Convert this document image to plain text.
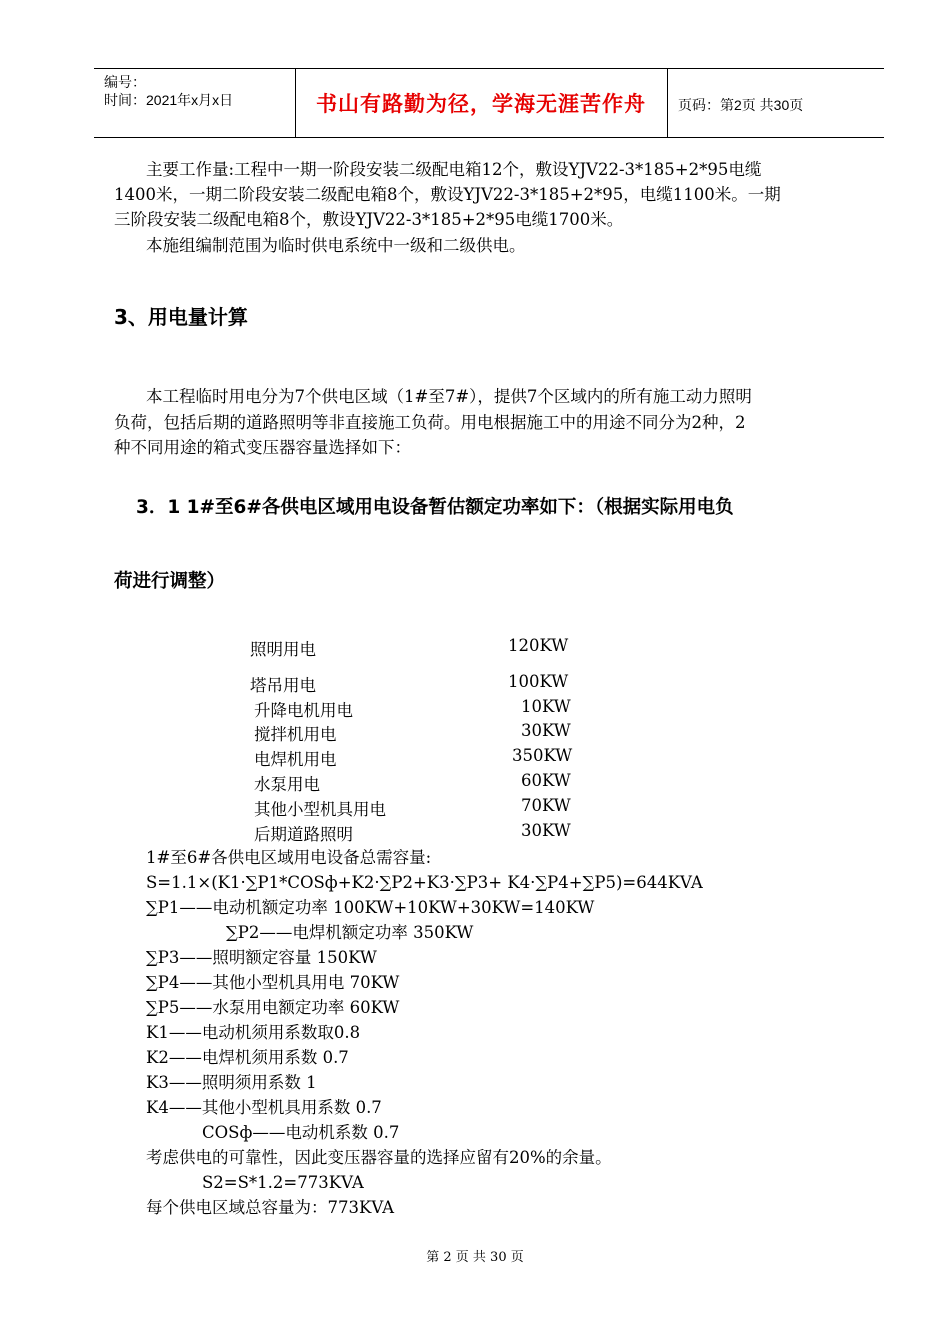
编号：
时间：2021年x月x日	书山有路勤为径，学海无涯苦作舟	页码：第2页 共30页
主要工作量:工程中一期一阶段安装二级配电箱12个，敷设YJV22-3*185+2*95电缆
1400米，一期二阶段安装二级配电箱8个，敷设YJV22-3*185+2*95，电缆1100米。一期
三阶段安装二级配电箱8个，敷设YJV22-3*185+2*95电缆1700米。
本施组编制范围为临时供电系统中一级和二级供电。
3、用电量计算
本工程临时用电分为7个供电区域（1#至7#），提供7个区域内的所有施工动力照明
负荷，包括后期的道路照明等非直接施工负荷。用电根据施工中的用途不同分为2种，2
种不同用途的箱式变压器容量选择如下：
3．1 1#至6#各供电区域用电设备暂估额定功率如下：（根据实际用电负
荷进行调整）
照明用电	120KW
塔吊用电	100KW
升降电机用电	10KW
搅拌机用电	30KW
电焊机用电	350KW
水泵用电	60KW
其他小型机具用电	70KW
后期道路照明	30KW
1#至6#各供电区域用电设备总需容量:
S=1.1×(K1·∑P1*COSф+K2·∑P2+K3·∑P3+ K4·∑P4+∑P5)=644KVA
∑P1——电动机额定功率 100KW+10KW+30KW=140KW
∑P2——电焊机额定功率 350KW
∑P3——照明额定容量 150KW
∑P4——其他小型机具用电 70KW
∑P5——水泵用电额定功率 60KW
K1——电动机须用系数取0.8
K2——电焊机须用系数 0.7
K3——照明须用系数 1
K4——其他小型机具用系数 0.7
COSф——电动机系数 0.7
考虑供电的可靠性，因此变压器容量的选择应留有20%的余量。
S2=S*1.2=773KVA
每个供电区域总容量为：773KVA
第 2 页 共 30 页
